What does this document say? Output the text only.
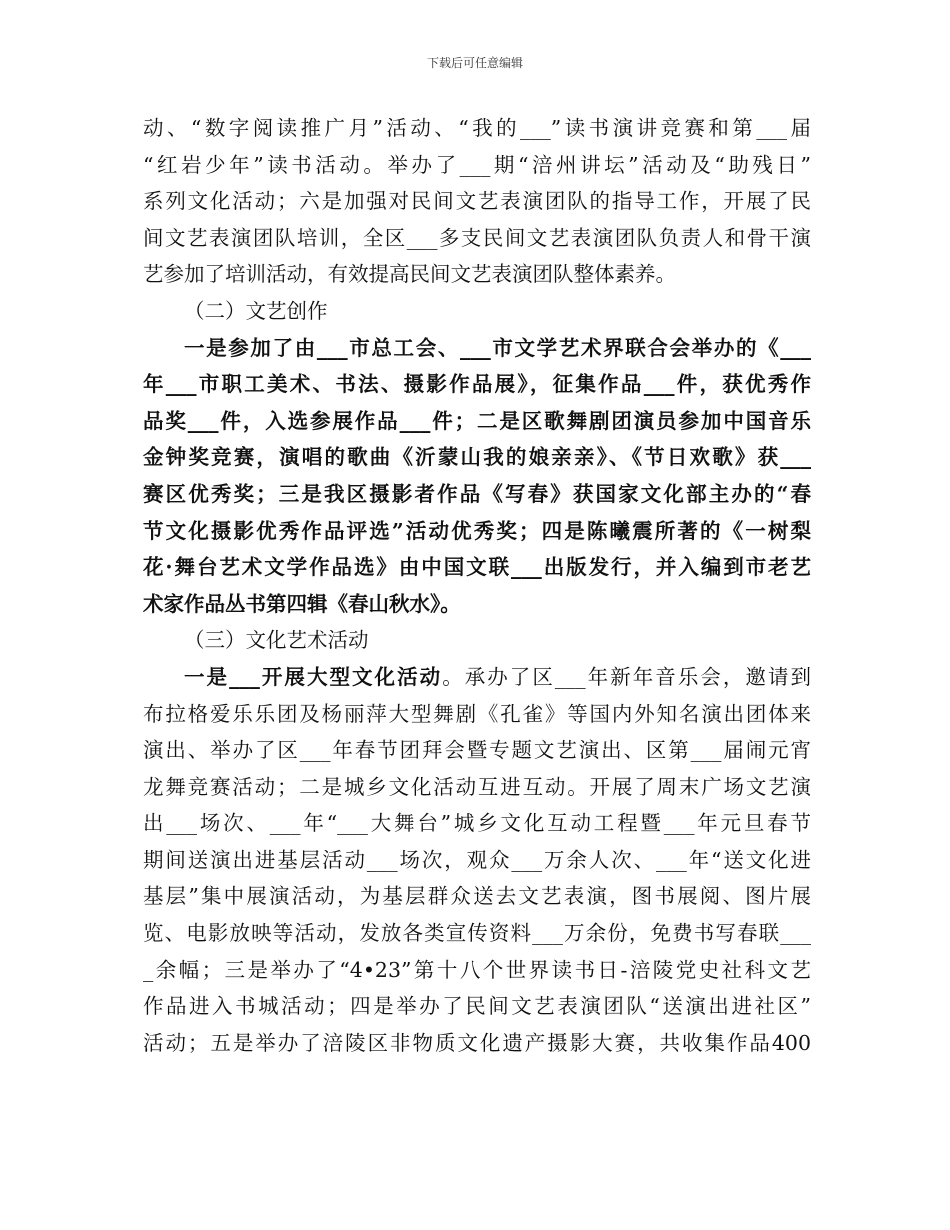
下载后可任意编辑
动、“数字阅读推广月”活动、“我的___”读书演讲竞赛和第___届
“红岩少年”读书活动。举办了___期“涪州讲坛”活动及“助残日”
系列文化活动；六是加强对民间文艺表演团队的指导工作，开展了民
间文艺表演团队培训，全区___多支民间文艺表演团队负责人和骨干演
艺参加了培训活动，有效提高民间文艺表演团队整体素养。
（二）文艺创作
一是参加了由___市总工会、___市文学艺术界联合会举办的《___
年___市职工美术、书法、摄影作品展》，征集作品___件，获优秀作
品奖___件，入选参展作品___件；二是区歌舞剧团演员参加中国音乐
金钟奖竞赛，演唱的歌曲《沂蒙山我的娘亲亲》、《节日欢歌》获___
赛区优秀奖；三是我区摄影者作品《写春》获国家文化部主办的“春
节文化摄影优秀作品评选”活动优秀奖；四是陈曦震所著的《一树梨
花·舞台艺术文学作品选》由中国文联___出版发行，并入编到市老艺
术家作品丛书第四辑《春山秋水》。
（三）文化艺术活动
一是___开展大型文化活动。承办了区___年新年音乐会，邀请到
布拉格爱乐乐团及杨丽萍大型舞剧《孔雀》等国内外知名演出团体来
演出、举办了区___年春节团拜会暨专题文艺演出、区第___届闹元宵
龙舞竞赛活动；二是城乡文化活动互进互动。开展了周末广场文艺演
出___场次、___年“___大舞台”城乡文化互动工程暨___年元旦春节
期间送演出进基层活动___场次，观众___万余人次、___年“送文化进
基层”集中展演活动，为基层群众送去文艺表演，图书展阅、图片展
览、电影放映等活动，发放各类宣传资料___万余份，免费书写春联___
_余幅；三是举办了“4•23”第十八个世界读书日-涪陵党史社科文艺
作品进入书城活动；四是举办了民间文艺表演团队“送演出进社区”
活动；五是举办了涪陵区非物质文化遗产摄影大赛，共收集作品400
